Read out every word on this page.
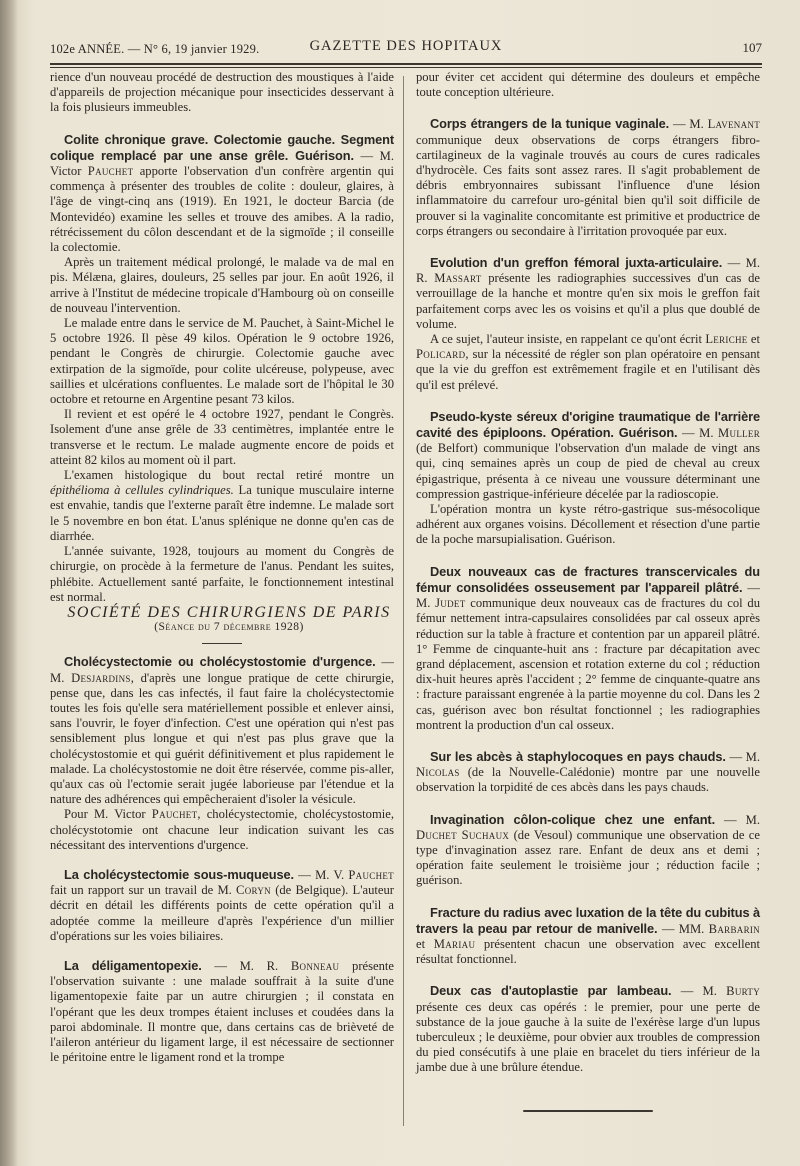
102e ANNÉE. — N° 6, 19 janvier 1929.	GAZETTE DES HOPITAUX	107

rience d'un nouveau procédé de destruction des moustiques à l'aide d'appareils de projection mécanique pour insecticides desservant à la fois plusieurs immeubles.

Colite chronique grave. Colectomie gauche. Segment colique remplacé par une anse grêle. Guérison. — M. Victor Pauchet apporte l'observation d'un confrère argentin qui commença à présenter des troubles de colite : douleur, glaires, à l'âge de vingt-cinq ans (1919). En 1921, le docteur Barcia (de Montevidéo) examine les selles et trouve des amibes. A la radio, rétrécissement du côlon descendant et de la sigmoïde ; il conseille la colectomie.

Après un traitement médical prolongé, le malade va de mal en pis. Mélæna, glaires, douleurs, 25 selles par jour. En août 1926, il arrive à l'Institut de médecine tropicale d'Hambourg où on conseille de nouveau l'intervention.

Le malade entre dans le service de M. Pauchet, à Saint-Michel le 5 octobre 1926. Il pèse 49 kilos. Opération le 9 octobre 1926, pendant le Congrès de chirurgie. Colectomie gauche avec extirpation de la sigmoïde, pour colite ulcéreuse, polypeuse, avec saillies et ulcérations confluentes. Le malade sort de l'hôpital le 30 octobre et retourne en Argentine pesant 73 kilos.

Il revient et est opéré le 4 octobre 1927, pendant le Congrès. Isolement d'une anse grêle de 33 centimètres, implantée entre le transverse et le rectum. Le malade augmente encore de poids et atteint 82 kilos au moment où il part.

L'examen histologique du bout rectal retiré montre un épithélioma à cellules cylindriques. La tunique musculaire interne est envahie, tandis que l'externe paraît être indemne. Le malade sort le 5 novembre en bon état. L'anus splénique ne donne qu'en cas de diarrhée.

L'année suivante, 1928, toujours au moment du Congrès de chirurgie, on procède à la fermeture de l'anus. Pendant les suites, phlébite. Actuellement santé parfaite, le fonctionnement intestinal est normal.

SOCIÉTÉ DES CHIRURGIENS DE PARIS

(Séance du 7 décembre 1928)

Cholécystectomie ou cholécystostomie d'urgence. — M. Desjardins, d'après une longue pratique de cette chirurgie, pense que, dans les cas infectés, il faut faire la cholécystectomie toutes les fois qu'elle sera matériellement possible et enlever ainsi, sans l'ouvrir, le foyer d'infection. C'est une opération qui n'est pas sensiblement plus longue et qui n'est pas plus grave que la cholécystostomie et qui guérit définitivement et plus rapidement le malade. La cholécystostomie ne doit être réservée, comme pis-aller, qu'aux cas où l'ectomie serait jugée laborieuse par l'étendue et la nature des adhérences qui empêcheraient d'isoler la vésicule.

Pour M. Victor Pauchet, cholécystectomie, cholécystostomie, cholécystotomie ont chacune leur indication suivant les cas nécessitant des interventions d'urgence.

La cholécystectomie sous-muqueuse. — M. V. Pauchet fait un rapport sur un travail de M. Coryn (de Belgique). L'auteur décrit en détail les différents points de cette opération qu'il a adoptée comme la meilleure d'après l'expérience d'un millier d'opérations sur les voies biliaires.

La déligamentopexie. — M. R. Bonneau présente l'observation suivante : une malade souffrait à la suite d'une ligamentopexie faite par un autre chirurgien ; il constata en l'opérant que les deux trompes étaient incluses et coudées dans la paroi abdominale. Il montre que, dans certains cas de brièveté de l'aileron antérieur du ligament large, il est nécessaire de sectionner le péritoine entre le ligament rond et la trompe

pour éviter cet accident qui détermine des douleurs et empêche toute conception ultérieure.

Corps étrangers de la tunique vaginale. — M. Lavenant communique deux observations de corps étrangers fibro-cartilagineux de la vaginale trouvés au cours de cures radicales d'hydrocèle. Ces faits sont assez rares. Il s'agit probablement de débris embryonnaires subissant l'influence d'une lésion inflammatoire du carrefour uro-génital bien qu'il soit difficile de prouver si la vaginalite concomitante est primitive et productrice de corps étrangers ou secondaire à l'irritation provoquée par eux.

Evolution d'un greffon fémoral juxta-articulaire. — M. R. Massart présente les radiographies successives d'un cas de verrouillage de la hanche et montre qu'en six mois le greffon fait parfaitement corps avec les os voisins et qu'il a plus que doublé de volume.

A ce sujet, l'auteur insiste, en rappelant ce qu'ont écrit Leriche et Policard, sur la nécessité de régler son plan opératoire en pensant que la vie du greffon est extrêmement fragile et en l'utilisant dès qu'il est prélevé.

Pseudo-kyste séreux d'origine traumatique de l'arrière cavité des épiploons. Opération. Guérison. — M. Muller (de Belfort) communique l'observation d'un malade de vingt ans qui, cinq semaines après un coup de pied de cheval au creux épigastrique, présenta à ce niveau une voussure déterminant une compression gastrique-inférieure décelée par la radioscopie.

L'opération montra un kyste rétro-gastrique sus-mésocolique adhérent aux organes voisins. Décollement et résection d'une partie de la poche marsupialisation. Guérison.

Deux nouveaux cas de fractures transcervicales du fémur consolidées osseusement par l'appareil plâtré. — M. Judet communique deux nouveaux cas de fractures du col du fémur nettement intra-capsulaires consolidées par cal osseux après réduction sur la table à fracture et contention par un appareil plâtré. 1° Femme de cinquante-huit ans : fracture par décapitation avec grand déplacement, ascension et rotation externe du col ; réduction dix-huit heures après l'accident ; 2° femme de cinquante-quatre ans : fracture paraissant engrenée à la partie moyenne du col. Dans les 2 cas, guérison avec bon résultat fonctionnel ; les radiographies montrent la production d'un cal osseux.

Sur les abcès à staphylocoques en pays chauds. — M. Nicolas (de la Nouvelle-Calédonie) montre par une nouvelle observation la torpidité de ces abcès dans les pays chauds.

Invagination côlon-colique chez une enfant. — M. Duchet Suchaux (de Vesoul) communique une observation de ce type d'invagination assez rare. Enfant de deux ans et demi ; opération faite seulement le troisième jour ; réduction facile ; guérison.

Fracture du radius avec luxation de la tête du cubitus à travers la peau par retour de manivelle. — MM. Barbarin et Mariau présentent chacun une observation avec excellent résultat fonctionnel.

Deux cas d'autoplastie par lambeau. — M. Burty présente ces deux cas opérés : le premier, pour une perte de substance de la joue gauche à la suite de l'exérèse large d'un lupus tuberculeux ; le deuxième, pour obvier aux troubles de compression du pied consécutifs à une plaie en bracelet du tiers inférieur de la jambe due à une brûlure étendue.
